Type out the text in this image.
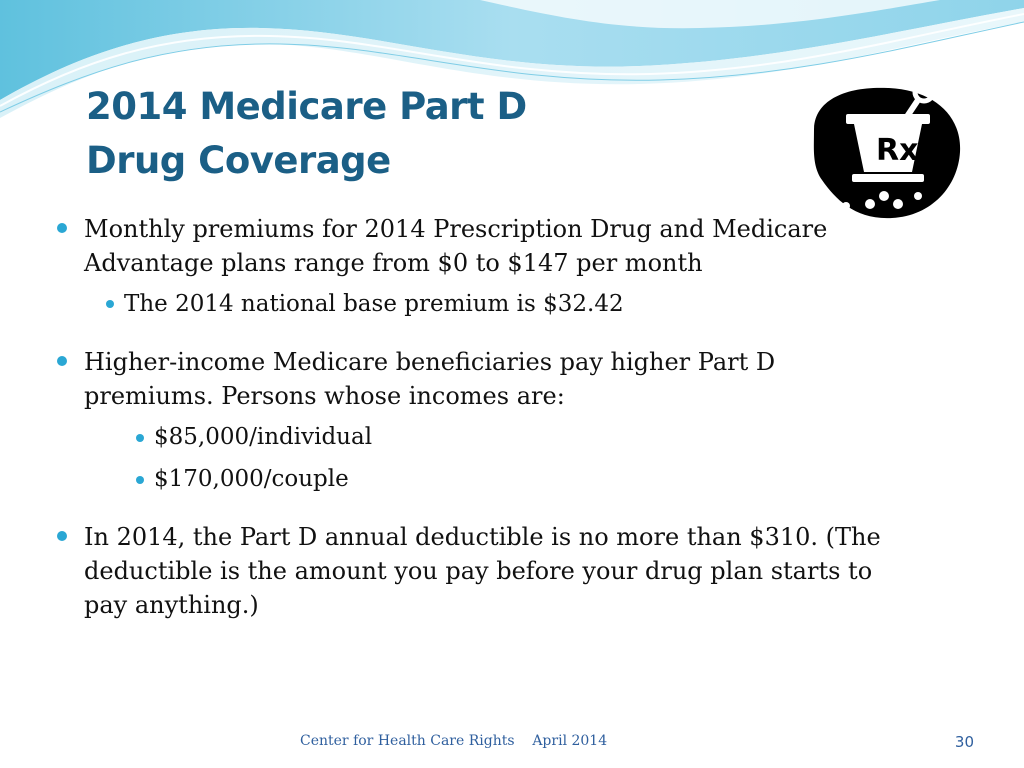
2014 Medicare Part D
Drug Coverage	Rx
Monthly premiums for 2014 Prescription Drug and Medicare
Advantage plans range from $0 to $147 per month
The 2014 national base premium is $32.42
Higher-income Medicare beneficiaries pay higher Part D
premiums. Persons whose incomes are:
$85,000/individual
$170,000/couple
In 2014, the Part D annual deductible is no more than $310. (The
deductible is the amount you pay before your drug plan starts to
pay anything.)
Center for Health Care Rights    April 2014	30
